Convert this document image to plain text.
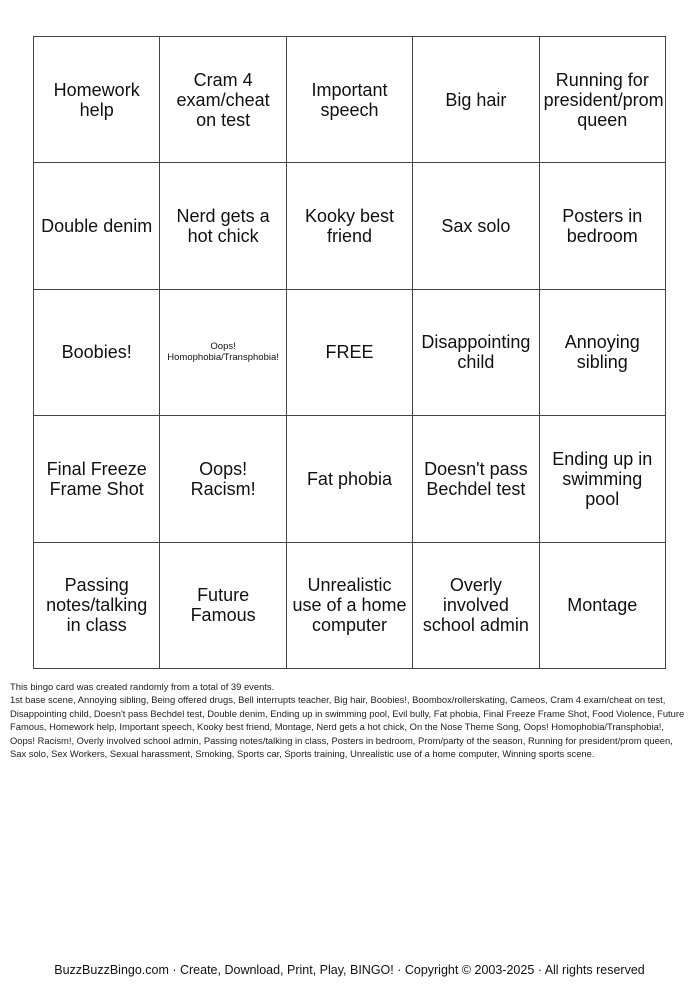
Homework help	Cram 4 exam/cheat on test	Important speech	Big hair	Running for president/prom queen
Double denim	Nerd gets a hot chick	Kooky best friend	Sax solo	Posters in bedroom
Boobies!	Oops! Homophobia/Transphobia!	FREE	Disappointing child	Annoying sibling
Final Freeze Frame Shot	Oops! Racism!	Fat phobia	Doesn't pass Bechdel test	Ending up in swimming pool
Passing notes/talking in class	Future Famous	Unrealistic use of a home computer	Overly involved school admin	Montage

This bingo card was created randomly from a total of 39 events.

1st base scene, Annoying sibling, Being offered drugs, Bell interrupts teacher, Big hair, Boobies!, Boombox/rollerskating, Cameos, Cram 4 exam/cheat on test, Disappointing child, Doesn't pass Bechdel test, Double denim, Ending up in swimming pool, Evil bully, Fat phobia, Final Freeze Frame Shot, Food Violence, Future Famous, Homework help, Important speech, Kooky best friend, Montage, Nerd gets a hot chick, On the Nose Theme Song, Oops! Homophobia/Transphobia!, Oops! Racism!, Overly involved school admin, Passing notes/talking in class, Posters in bedroom, Prom/party of the season, Running for president/prom queen, Sax solo, Sex Workers, Sexual harassment, Smoking, Sports car, Sports training, Unrealistic use of a home computer, Winning sports scene.

BuzzBuzzBingo.com · Create, Download, Print, Play, BINGO! · Copyright © 2003-2025 · All rights reserved
